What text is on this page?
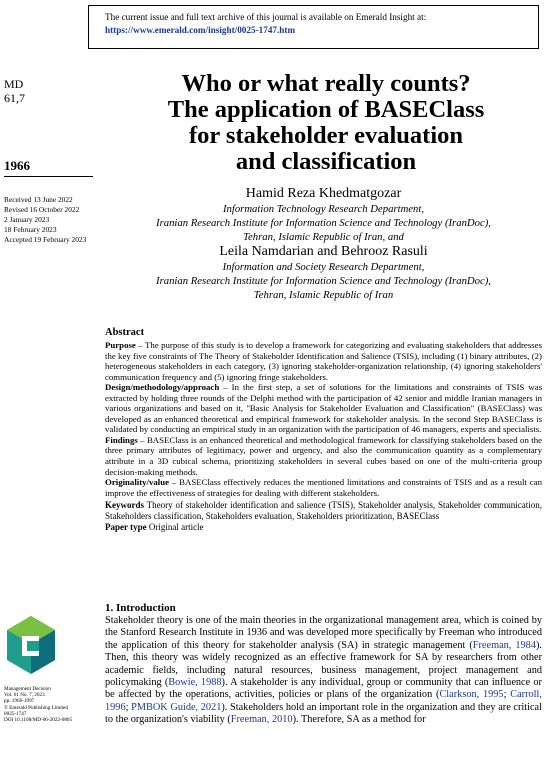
The current issue and full text archive of this journal is available on Emerald Insight at:
https://www.emerald.com/insight/0025-1747.htm
MD
61,7
1966
Received 13 June 2022
Revised 16 October 2022
2 January 2023
18 February 2023
Accepted 19 February 2023
Who or what really counts?
The application of BASEClass
for stakeholder evaluation
and classification
Hamid Reza Khedmatgozar
Information Technology Research Department,
Iranian Research Institute for Information Science and Technology (IranDoc),
Tehran, Islamic Republic of Iran, and
Leila Namdarian and Behrooz Rasuli
Information and Society Research Department,
Iranian Research Institute for Information Science and Technology (IranDoc),
Tehran, Islamic Republic of Iran
Abstract

Purpose – The purpose of this study is to develop a framework for categorizing and evaluating stakeholders that addresses the key five constraints of The Theory of Stakeholder Identification and Salience (TSIS), including (1) binary attributes, (2) heterogeneous stakeholders in each category, (3) ignoring stakeholder-organization relationship, (4) ignoring stakeholders' communication frequency and (5) ignoring fringe stakeholders.

Design/methodology/approach – In the first step, a set of solutions for the limitations and constraints of TSIS was extracted by holding three rounds of the Delphi method with the participation of 42 senior and middle Iranian managers in various organizations and based on it, "Basic Analysis for Stakeholder Evaluation and Classification" (BASEClass) was developed as an enhanced theoretical and empirical framework for stakeholder analysis. In the second Step BASEClass is validated by conducting an empirical study in an organization with the participation of 46 managers, experts and specialists.

Findings – BASEClass is an enhanced theoretical and methodological framework for classifying stakeholders based on the three primary attributes of legitimacy, power and urgency, and also the communication quantity as a complementary attribute in a 3D cubical schema, prioritizing stakeholders in several cubes based on one of the multi-criteria group decision-making methods.

Originality/value – BASEClass effectively reduces the mentioned limitations and constraints of TSIS and as a result can improve the effectiveness of strategies for dealing with different stakeholders.

Keywords Theory of stakeholder identification and salience (TSIS), Stakeholder analysis, Stakeholder communication, Stakeholders classification, Stakeholders evaluation, Stakeholders prioritization, BASEClass

Paper type Original article

1. Introduction

Stakeholder theory is one of the main theories in the organizational management area, which is coined by the Stanford Research Institute in 1936 and was developed more specifically by Freeman who introduced the application of this theory for stakeholder analysis (SA) in strategic management (Freeman, 1984). Then, this theory was widely recognized as an effective framework for SA by researchers from other academic fields, including natural resources, business management, project management and policymaking (Bowie, 1988). A stakeholder is any individual, group or community that can influence or be affected by the operations, activities, policies or plans of the organization (Clarkson, 1995; Carroll, 1996; PMBOK Guide, 2021). Stakeholders hold an important role in the organization and they are critical to the organization's viability (Freeman, 2010). Therefore, SA as a method for

Management Decision
Vol. 61 No. 7, 2023
pp. 1966-1997
© Emerald Publishing Limited
0025-1747
DOI 10.1108/MD-06-2022-0805
